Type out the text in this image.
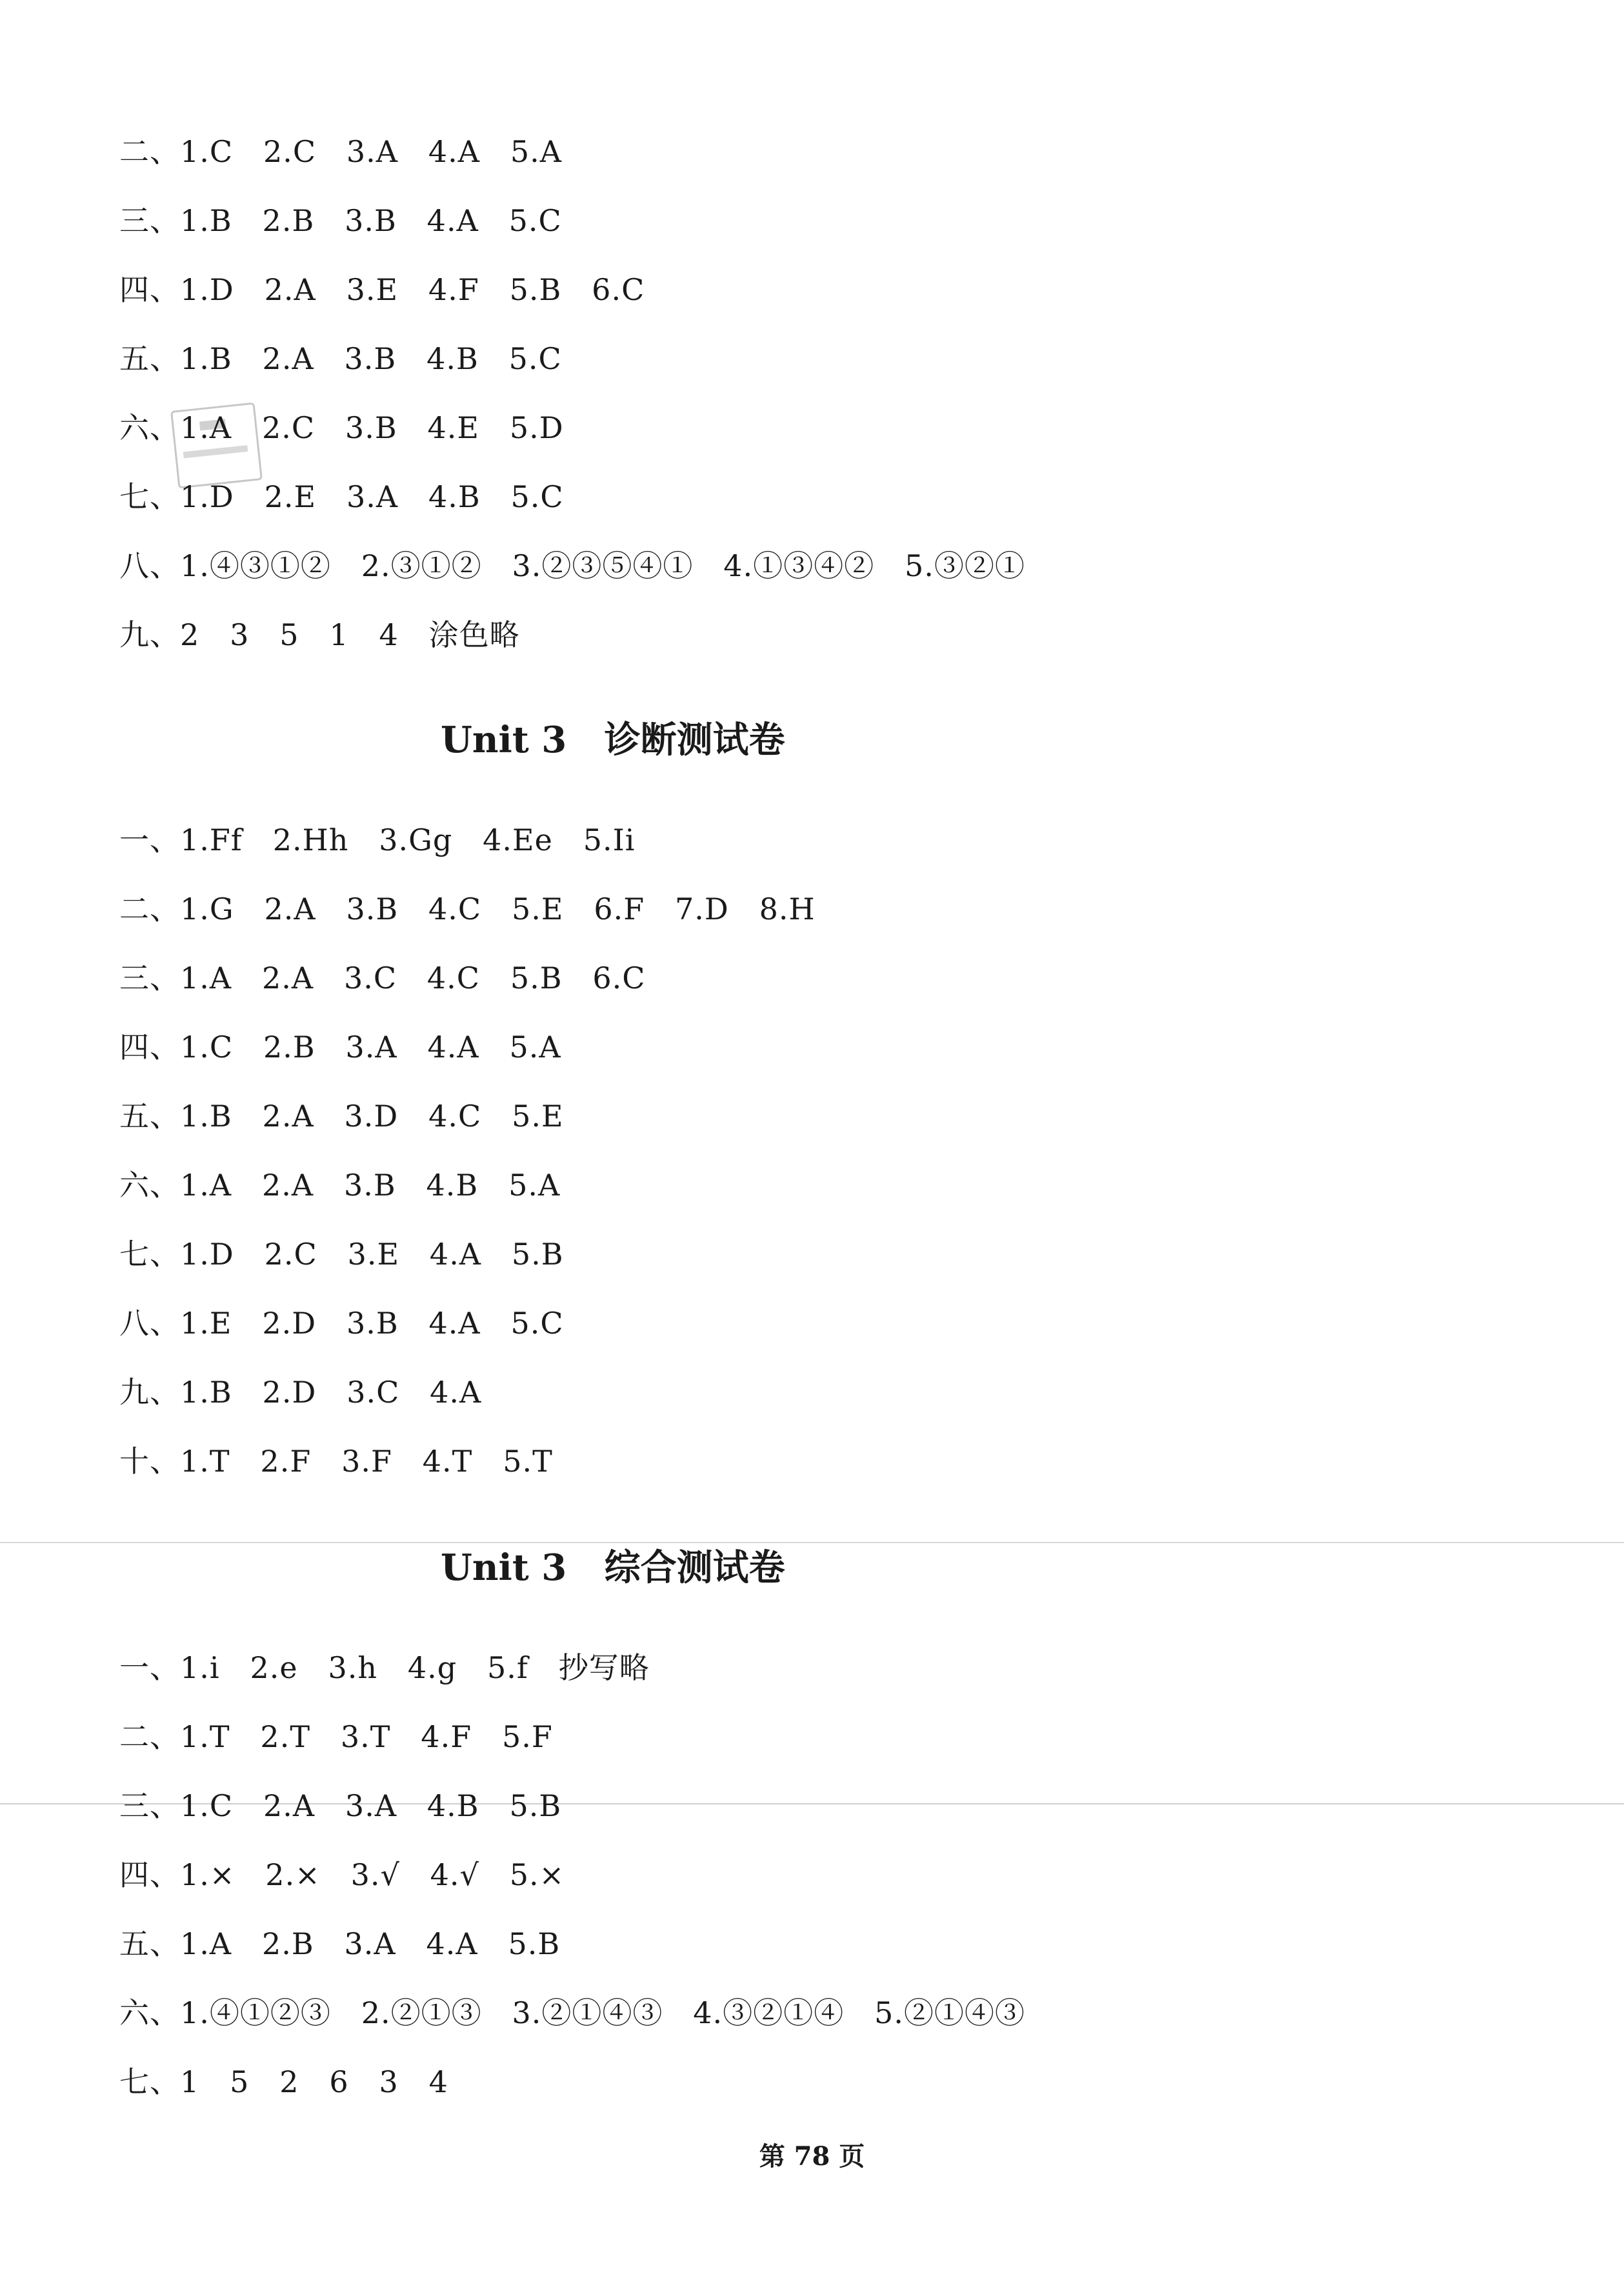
二、1.C   2.C   3.A   4.A   5.A
三、1.B   2.B   3.B   4.A   5.C
四、1.D   2.A   3.E   4.F   5.B   6.C
五、1.B   2.A   3.B   4.B   5.C
六、1.A   2.C   3.B   4.E   5.D
七、1.D   2.E   3.A   4.B   5.C
八、1.④③①②   2.③①②   3.②③⑤④①   4.①③④②   5.③②①
九、2   3   5   1   4   涂色略
Unit 3   诊断测试卷
一、1.Ff   2.Hh   3.Gg   4.Ee   5.Ii
二、1.G   2.A   3.B   4.C   5.E   6.F   7.D   8.H
三、1.A   2.A   3.C   4.C   5.B   6.C
四、1.C   2.B   3.A   4.A   5.A
五、1.B   2.A   3.D   4.C   5.E
六、1.A   2.A   3.B   4.B   5.A
七、1.D   2.C   3.E   4.A   5.B
八、1.E   2.D   3.B   4.A   5.C
九、1.B   2.D   3.C   4.A
十、1.T   2.F   3.F   4.T   5.T
Unit 3   综合测试卷
一、1.i   2.e   3.h   4.g   5.f   抄写略
二、1.T   2.T   3.T   4.F   5.F
三、1.C   2.A   3.A   4.B   5.B
四、1.×   2.×   3.√   4.√   5.×
五、1.A   2.B   3.A   4.A   5.B
六、1.④①②③   2.②①③   3.②①④③   4.③②①④   5.②①④③
七、1   5   2   6   3   4
第 78 页
